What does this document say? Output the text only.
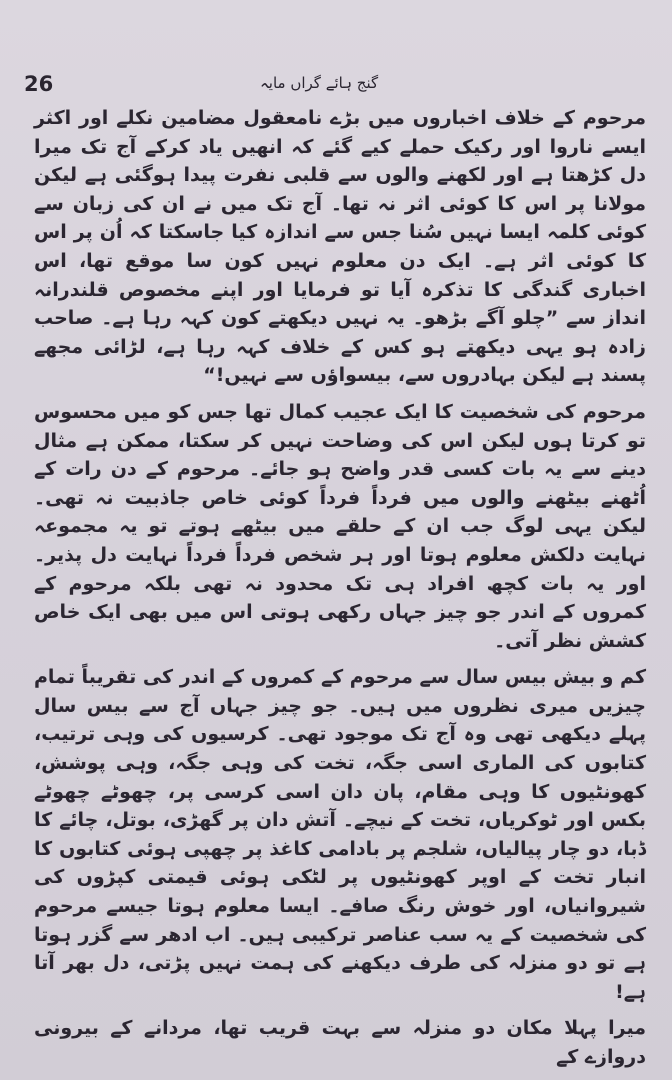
گنج ہائے گراں مایہ
26

مرحوم کے خلاف اخباروں میں بڑے نامعقول مضامین نکلے اور اکثر ایسے ناروا اور رکیک حملے کیے گئے کہ انھیں یاد کرکے آج تک میرا دل کڑھتا ہے اور لکھنے والوں سے قلبی نفرت پیدا ہوگئی ہے لیکن مولانا پر اس کا کوئی اثر نہ تھا۔ آج تک میں نے ان کی زبان سے کوئی کلمہ ایسا نہیں سُنا جس سے اندازہ کیا جاسکتا کہ اُن پر اس کا کوئی اثر ہے۔ ایک دن معلوم نہیں کون سا موقع تھا، اس اخباری گندگی کا تذکرہ آیا تو فرمایا اور اپنے مخصوص قلندرانہ انداز سے ”چلو آگے بڑھو۔ یہ نہیں دیکھتے کون کہہ رہا ہے۔ صاحب زادہ ہو یہی دیکھتے ہو کس کے خلاف کہہ رہا ہے، لڑائی مجھے پسند ہے لیکن بہادروں سے، بیسواؤں سے نہیں!“

مرحوم کی شخصیت کا ایک عجیب کمال تھا جس کو میں محسوس تو کرتا ہوں لیکن اس کی وضاحت نہیں کر سکتا، ممکن ہے مثال دینے سے یہ بات کسی قدر واضح ہو جائے۔ مرحوم کے دن رات کے اُٹھنے بیٹھنے والوں میں فرداً فرداً کوئی خاص جاذبیت نہ تھی۔ لیکن یہی لوگ جب ان کے حلقے میں بیٹھے ہوتے تو یہ مجموعہ نہایت دلکش معلوم ہوتا اور ہر شخص فرداً فرداً نہایت دل پذیر۔ اور یہ بات کچھ افراد ہی تک محدود نہ تھی بلکہ مرحوم کے کمروں کے اندر جو چیز جہاں رکھی ہوتی اس میں بھی ایک خاص کشش نظر آتی۔

کم و بیش بیس سال سے مرحوم کے کمروں کے اندر کی تقریباً تمام چیزیں میری نظروں میں ہیں۔ جو چیز جہاں آج سے بیس سال پہلے دیکھی تھی وہ آج تک موجود تھی۔ کرسیوں کی وہی ترتیب، کتابوں کی الماری اسی جگہ، تخت کی وہی جگہ، وہی پوشش، کھونٹیوں کا وہی مقام، پان دان اسی کرسی پر، چھوٹے چھوٹے بکس اور ٹوکریاں، تخت کے نیچے۔ آتش دان پر گھڑی، بوتل، چائے کا ڈبا، دو چار پیالیاں، شلجم پر بادامی کاغذ پر چھپی ہوئی کتابوں کا انبار تخت کے اوپر کھونٹیوں پر لٹکی ہوئی قیمتی کپڑوں کی شیروانیاں، اور خوش رنگ صافے۔ ایسا معلوم ہوتا جیسے مرحوم کی شخصیت کے یہ سب عناصر ترکیبی ہیں۔ اب ادھر سے گزر ہوتا ہے تو دو منزلہ کی طرف دیکھنے کی ہمت نہیں پڑتی، دل بھر آتا ہے!

میرا پہلا مکان دو منزلہ سے بہت قریب تھا، مردانے کے بیرونی دروازے کے
